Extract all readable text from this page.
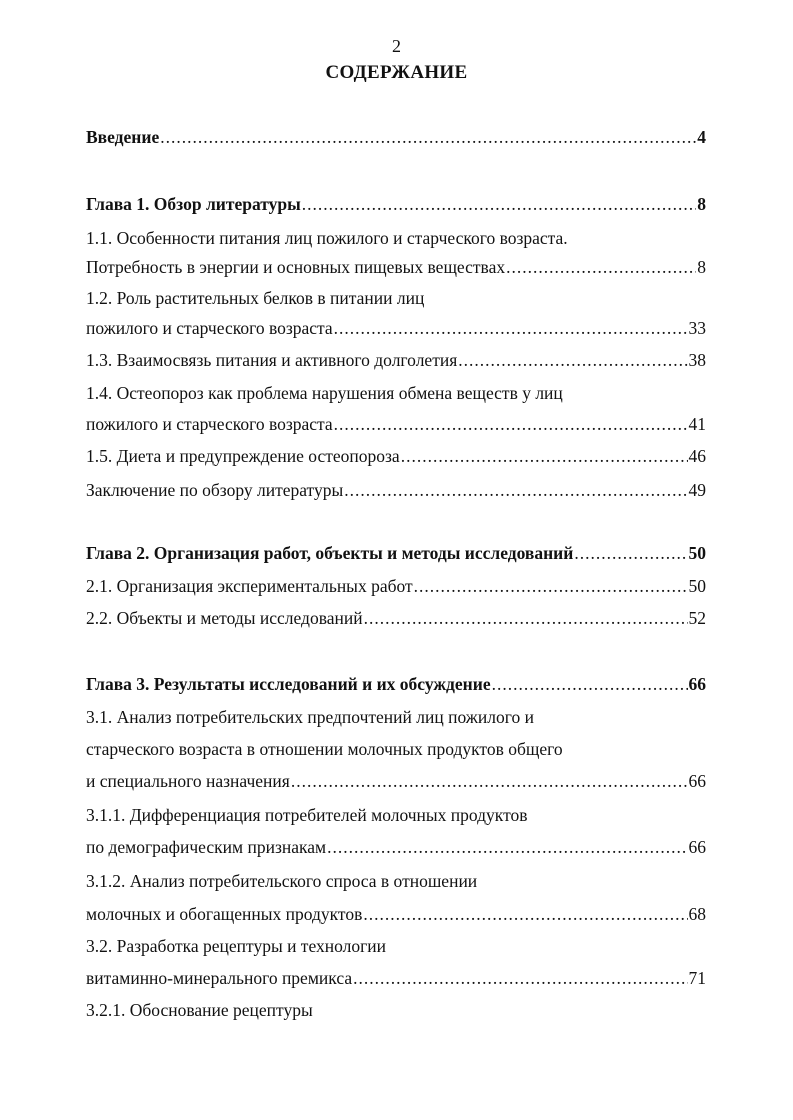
2
СОДЕРЖАНИЕ
Введение .....	4
Глава 1. Обзор литературы .....	8
1.1. Особенности питания лиц пожилого и старческого возраста.
Потребность в энергии и основных пищевых веществах .....	8
1.2. Роль растительных белков в питании лиц
пожилого и старческого возраста .....	33
1.3. Взаимосвязь питания и активного долголетия .....	38
1.4. Остеопороз как проблема нарушения обмена веществ у лиц
пожилого и старческого возраста .....	41
1.5. Диета и предупреждение остеопороза .....	46
Заключение по обзору литературы .....	49
Глава 2. Организация работ, объекты и методы исследований .....	50
2.1. Организация экспериментальных работ .....	50
2.2. Объекты и методы исследований .....	52
Глава 3. Результаты исследований и их обсуждение .....	66
3.1. Анализ потребительских предпочтений лиц пожилого и
старческого возраста в отношении молочных продуктов общего
и специального назначения .....	66
3.1.1. Дифференциация потребителей молочных продуктов
по демографическим признакам .....	66
3.1.2. Анализ потребительского спроса в отношении
молочных и обогащенных продуктов .....	68
3.2. Разработка рецептуры и технологии
витаминно-минерального премикса .....	71
3.2.1. Обоснование рецептуры
